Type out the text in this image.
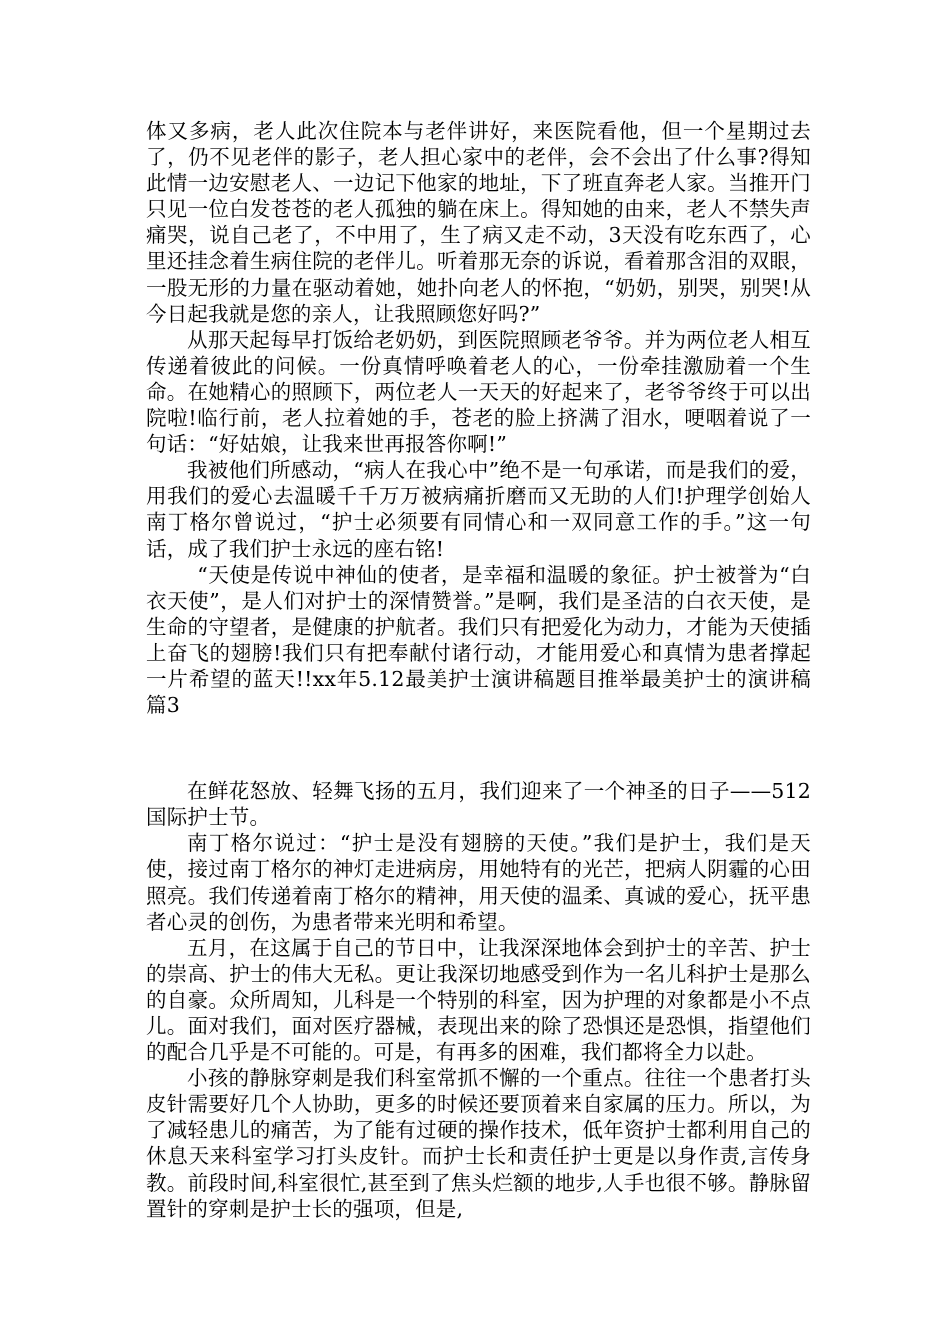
体又多病，老人此次住院本与老伴讲好，来医院看他，但一个星期过去了，仍不见老伴的影子，老人担心家中的老伴，会不会出了什么事?得知此情一边安慰老人、一边记下他家的地址，下了班直奔老人家。当推开门只见一位白发苍苍的老人孤独的躺在床上。得知她的由来，老人不禁失声痛哭，说自己老了，不中用了，生了病又走不动，3天没有吃东西了，心里还挂念着生病住院的老伴儿。听着那无奈的诉说，看着那含泪的双眼，一股无形的力量在驱动着她，她扑向老人的怀抱，“奶奶，别哭，别哭!从今日起我就是您的亲人，让我照顾您好吗?”

从那天起每早打饭给老奶奶，到医院照顾老爷爷。并为两位老人相互传递着彼此的问候。一份真情呼唤着老人的心，一份牵挂激励着一个生命。在她精心的照顾下，两位老人一天天的好起来了，老爷爷终于可以出院啦!临行前，老人拉着她的手，苍老的脸上挤满了泪水，哽咽着说了一句话：“好姑娘，让我来世再报答你啊!”

我被他们所感动，“病人在我心中”绝不是一句承诺，而是我们的爱，用我们的爱心去温暖千千万万被病痛折磨而又无助的人们!护理学创始人南丁格尔曾说过，“护士必须要有同情心和一双同意工作的手。”这一句话，成了我们护士永远的座右铭!

“天使是传说中神仙的使者，是幸福和温暖的象征。护士被誉为“白衣天使”，是人们对护士的深情赞誉。”是啊，我们是圣洁的白衣天使，是生命的守望者，是健康的护航者。我们只有把爱化为动力，才能为天使插上奋飞的翅膀!我们只有把奉献付诸行动，才能用爱心和真情为患者撑起一片希望的蓝天!!xx年5.12最美护士演讲稿题目推举最美护士的演讲稿 篇3

在鲜花怒放、轻舞飞扬的五月，我们迎来了一个神圣的日子——512国际护士节。

南丁格尔说过：“护士是没有翅膀的天使。”我们是护士，我们是天使，接过南丁格尔的神灯走进病房，用她特有的光芒，把病人阴霾的心田照亮。我们传递着南丁格尔的精神，用天使的温柔、真诚的爱心，抚平患者心灵的创伤，为患者带来光明和希望。

五月，在这属于自己的节日中，让我深深地体会到护士的辛苦、护士的崇高、护士的伟大无私。更让我深切地感受到作为一名儿科护士是那么的自豪。众所周知，儿科是一个特别的科室，因为护理的对象都是小不点儿。面对我们，面对医疗器械，表现出来的除了恐惧还是恐惧，指望他们的配合几乎是不可能的。可是，有再多的困难，我们都将全力以赴。

小孩的静脉穿刺是我们科室常抓不懈的一个重点。往往一个患者打头皮针需要好几个人协助，更多的时候还要顶着来自家属的压力。所以，为了减轻患儿的痛苦，为了能有过硬的操作技术，低年资护士都利用自己的休息天来科室学习打头皮针。而护士长和责任护士更是以身作责,言传身教。前段时间,科室很忙,甚至到了焦头烂额的地步,人手也很不够。静脉留置针的穿刺是护士长的强项，但是,
